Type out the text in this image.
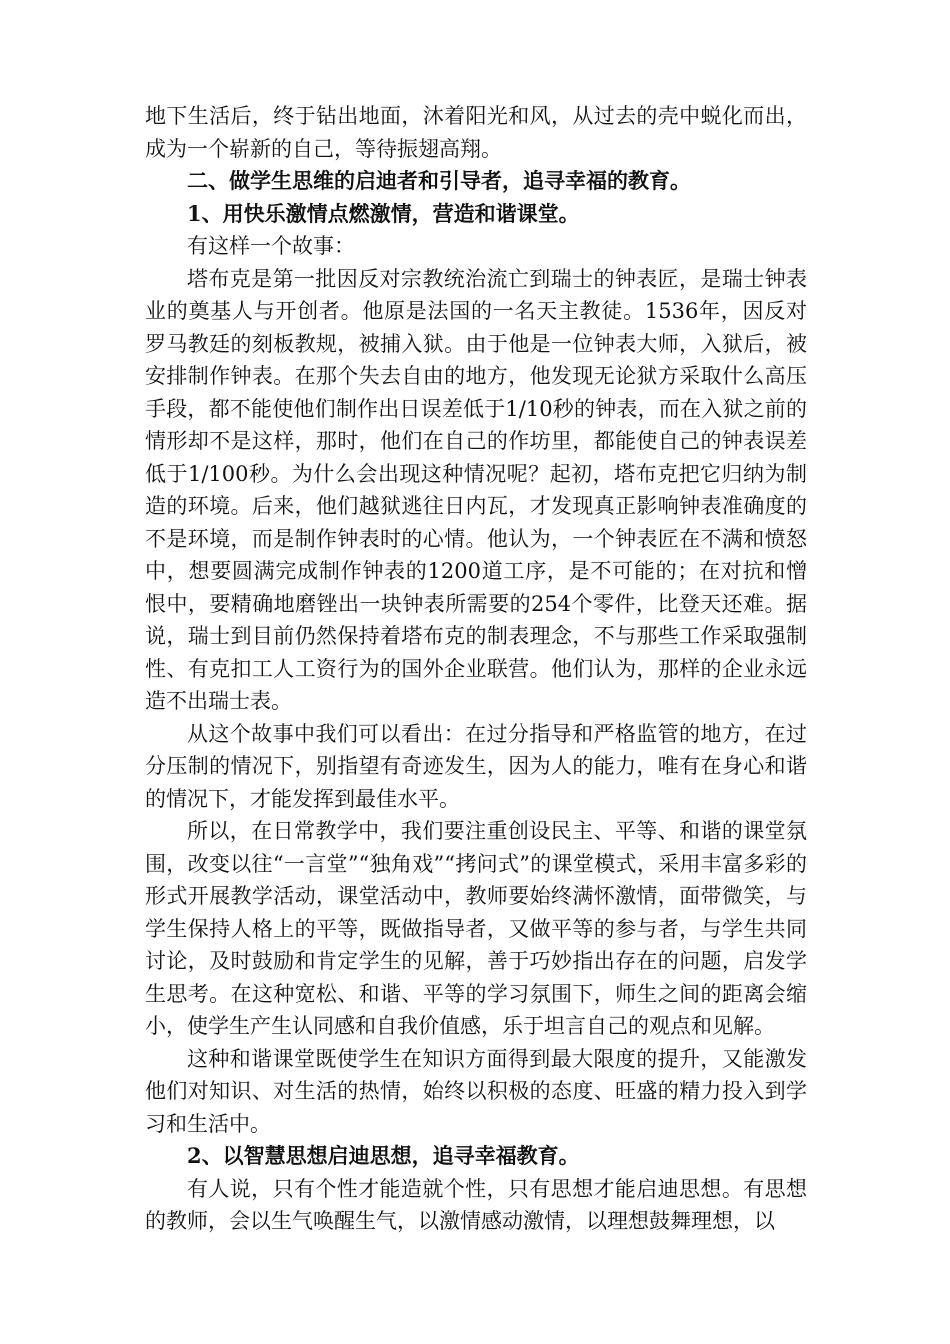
地下生活后，终于钻出地面，沐着阳光和风，从过去的壳中蜕化而出，成为一个崭新的自己，等待振翅高翔。

二、做学生思维的启迪者和引导者，追寻幸福的教育。

1、用快乐激情点燃激情，营造和谐课堂。

有这样一个故事：

塔布克是第一批因反对宗教统治流亡到瑞士的钟表匠，是瑞士钟表业的奠基人与开创者。他原是法国的一名天主教徒。1536年，因反对罗马教廷的刻板教规，被捕入狱。由于他是一位钟表大师，入狱后，被安排制作钟表。在那个失去自由的地方，他发现无论狱方采取什么高压手段，都不能使他们制作出日误差低于1/10秒的钟表，而在入狱之前的情形却不是这样，那时，他们在自己的作坊里，都能使自己的钟表误差低于1/100秒。为什么会出现这种情况呢？起初，塔布克把它归纳为制造的环境。后来，他们越狱逃往日内瓦，才发现真正影响钟表准确度的不是环境，而是制作钟表时的心情。他认为，一个钟表匠在不满和愤怒中，想要圆满完成制作钟表的1200道工序，是不可能的；在对抗和憎恨中，要精确地磨锉出一块钟表所需要的254个零件，比登天还难。据说，瑞士到目前仍然保持着塔布克的制表理念，不与那些工作采取强制性、有克扣工人工资行为的国外企业联营。他们认为，那样的企业永远造不出瑞士表。

从这个故事中我们可以看出：在过分指导和严格监管的地方，在过分压制的情况下，别指望有奇迹发生，因为人的能力，唯有在身心和谐的情况下，才能发挥到最佳水平。

所以，在日常教学中，我们要注重创设民主、平等、和谐的课堂氛围，改变以往“一言堂”“独角戏”“拷问式”的课堂模式，采用丰富多彩的形式开展教学活动，课堂活动中，教师要始终满怀激情，面带微笑，与学生保持人格上的平等，既做指导者，又做平等的参与者，与学生共同讨论，及时鼓励和肯定学生的见解，善于巧妙指出存在的问题，启发学生思考。在这种宽松、和谐、平等的学习氛围下，师生之间的距离会缩小，使学生产生认同感和自我价值感，乐于坦言自己的观点和见解。

这种和谐课堂既使学生在知识方面得到最大限度的提升，又能激发他们对知识、对生活的热情，始终以积极的态度、旺盛的精力投入到学习和生活中。

2、以智慧思想启迪思想，追寻幸福教育。

有人说，只有个性才能造就个性，只有思想才能启迪思想。有思想的教师，会以生气唤醒生气，以激情感动激情，以理想鼓舞理想，以
